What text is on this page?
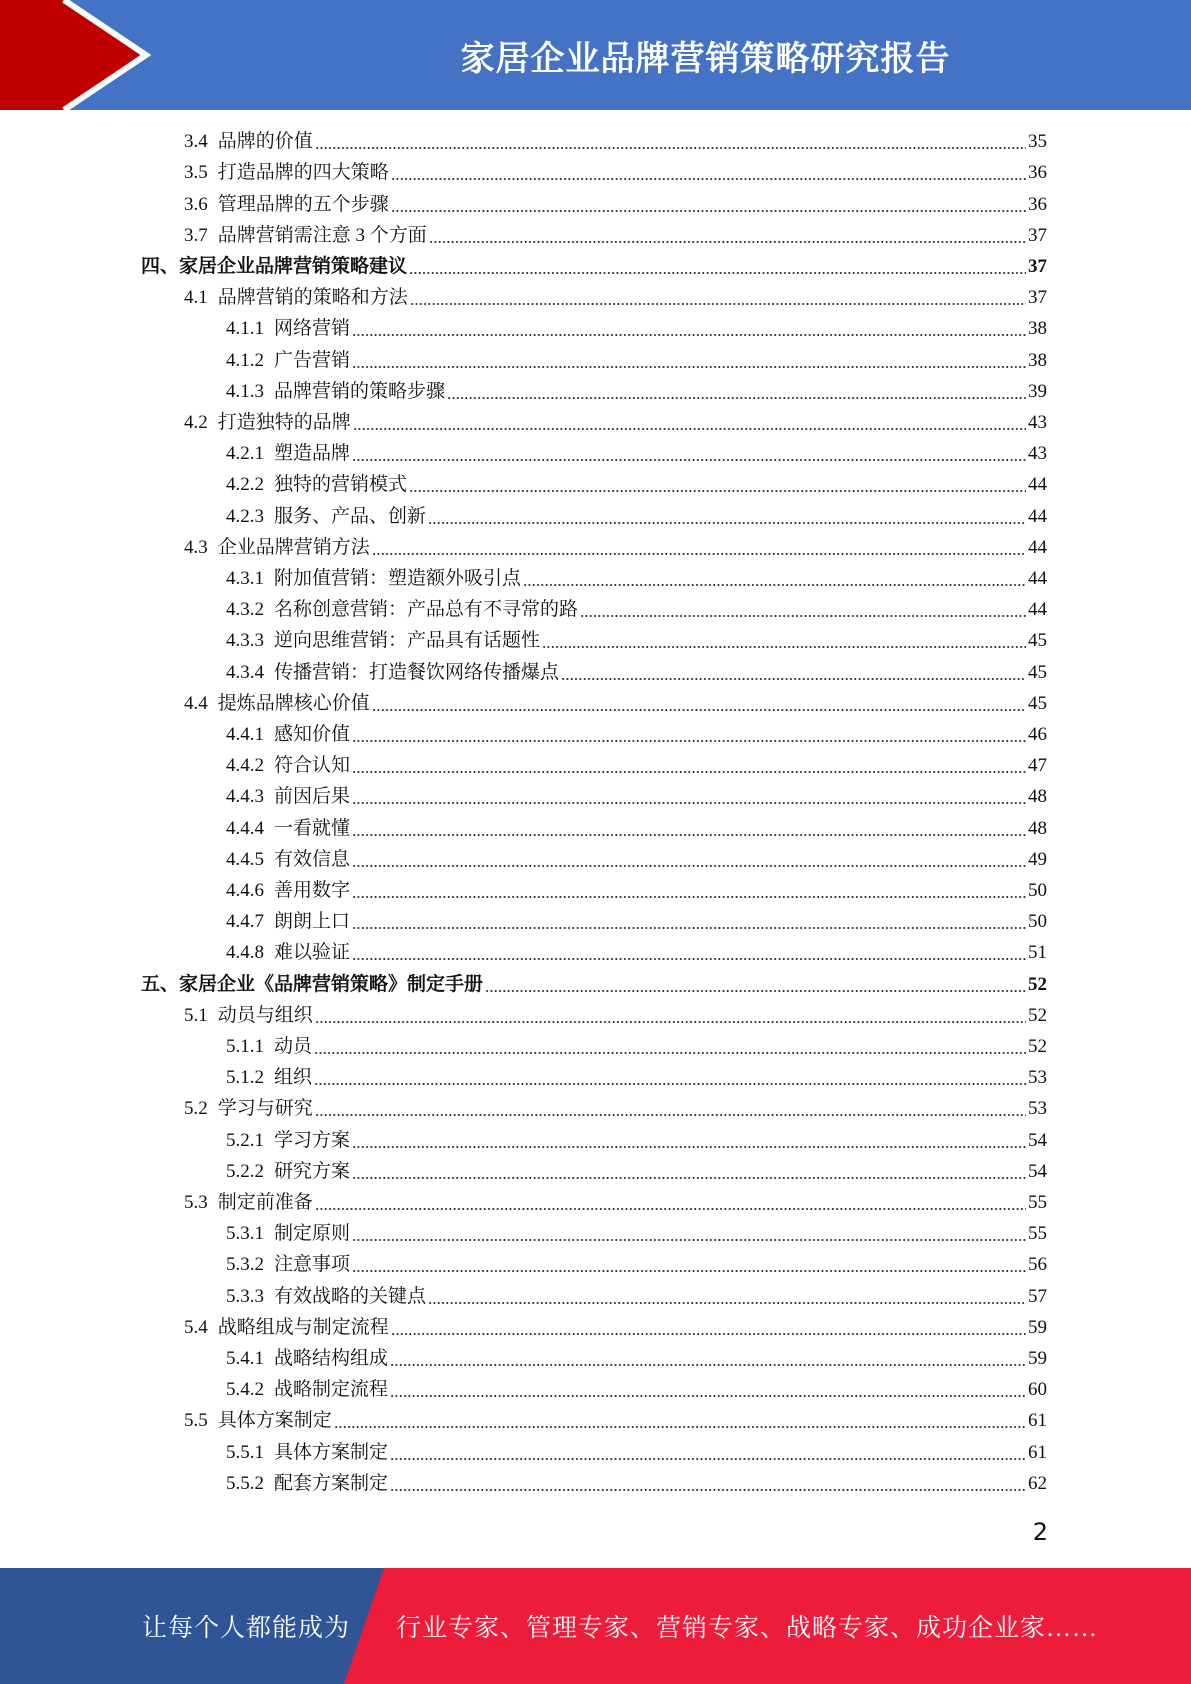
家居企业品牌营销策略研究报告
3.4 品牌的价值	35
3.5 打造品牌的四大策略	36
3.6 管理品牌的五个步骤	36
3.7 品牌营销需注意 3 个方面	37
四、 家居企业品牌营销策略建议	37
4.1 品牌营销的策略和方法	37
4.1.1 网络营销	38
4.1.2 广告营销	38
4.1.3 品牌营销的策略步骤	39
4.2 打造独特的品牌	43
4.2.1 塑造品牌	43
4.2.2 独特的营销模式	44
4.2.3 服务、产品、创新	44
4.3 企业品牌营销方法	44
4.3.1 附加值营销：塑造额外吸引点	44
4.3.2 名称创意营销：产品总有不寻常的路	44
4.3.3 逆向思维营销：产品具有话题性	45
4.3.4 传播营销：打造餐饮网络传播爆点	45
4.4 提炼品牌核心价值	45
4.4.1 感知价值	46
4.4.2 符合认知	47
4.4.3 前因后果	48
4.4.4 一看就懂	48
4.4.5 有效信息	49
4.4.6 善用数字	50
4.4.7 朗朗上口	50
4.4.8 难以验证	51
五、 家居企业《品牌营销策略》制定手册	52
5.1 动员与组织	52
5.1.1 动员	52
5.1.2 组织	53
5.2 学习与研究	53
5.2.1 学习方案	54
5.2.2 研究方案	54
5.3 制定前准备	55
5.3.1 制定原则	55
5.3.2 注意事项	56
5.3.3 有效战略的关键点	57
5.4 战略组成与制定流程	59
5.4.1 战略结构组成	59
5.4.2 战略制定流程	60
5.5 具体方案制定	61
5.5.1 具体方案制定	61
5.5.2 配套方案制定	62
2
让每个人都能成为 行业专家、管理专家、营销专家、战略专家、成功企业家……
